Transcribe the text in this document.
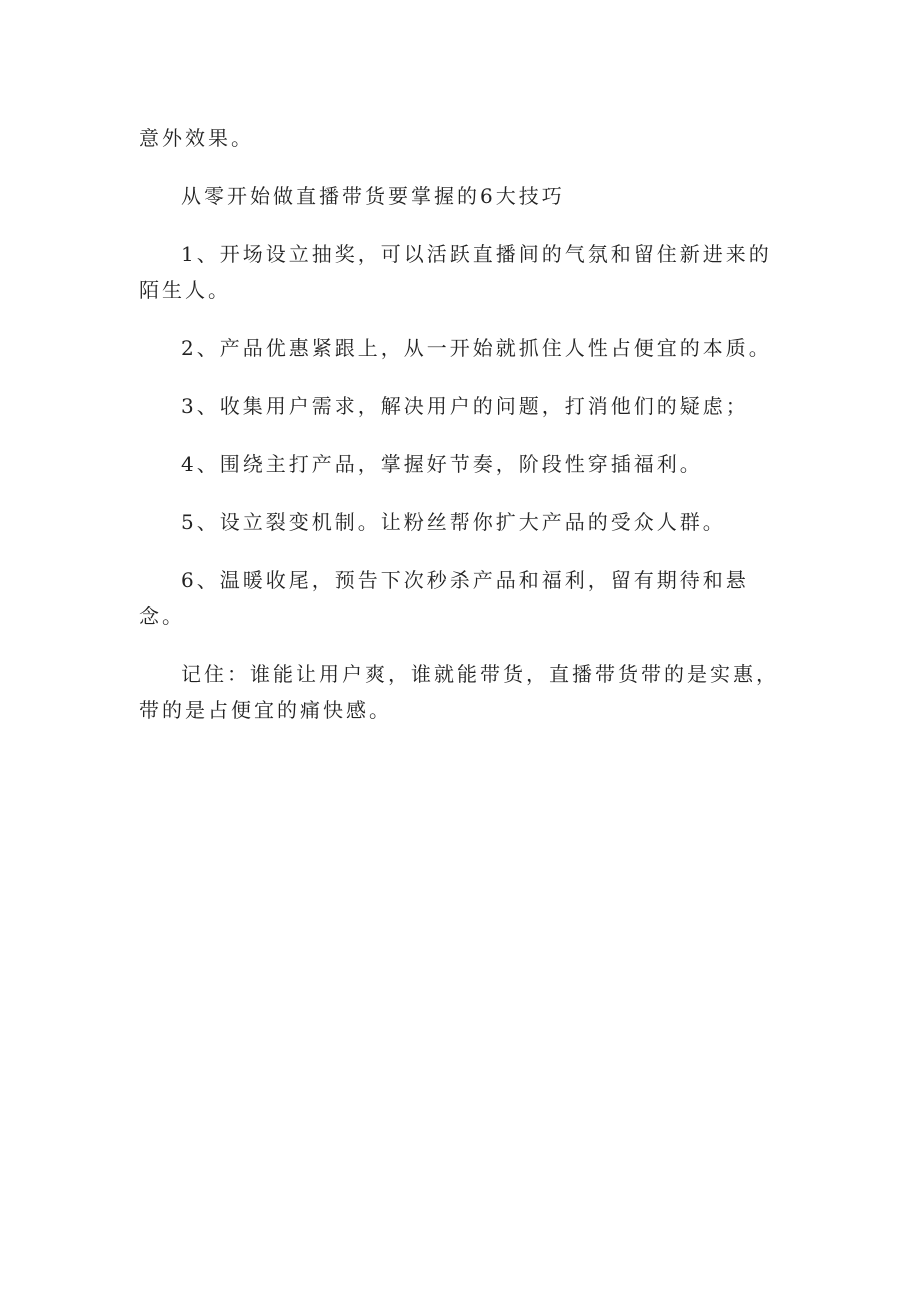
意外效果。

从零开始做直播带货要掌握的6大技巧

1、开场设立抽奖，可以活跃直播间的气氛和留住新进来的 陌生人。

2、产品优惠紧跟上，从一开始就抓住人性占便宜的本质。

3、收集用户需求，解决用户的问题，打消他们的疑虑；

4、围绕主打产品，掌握好节奏，阶段性穿插福利。

5、设立裂变机制。让粉丝帮你扩大产品的受众人群。

6、温暖收尾，预告下次秒杀产品和福利，留有期待和悬念。

记住：谁能让用户爽，谁就能带货，直播带货带的是实惠，带的是占便宜的痛快感。
